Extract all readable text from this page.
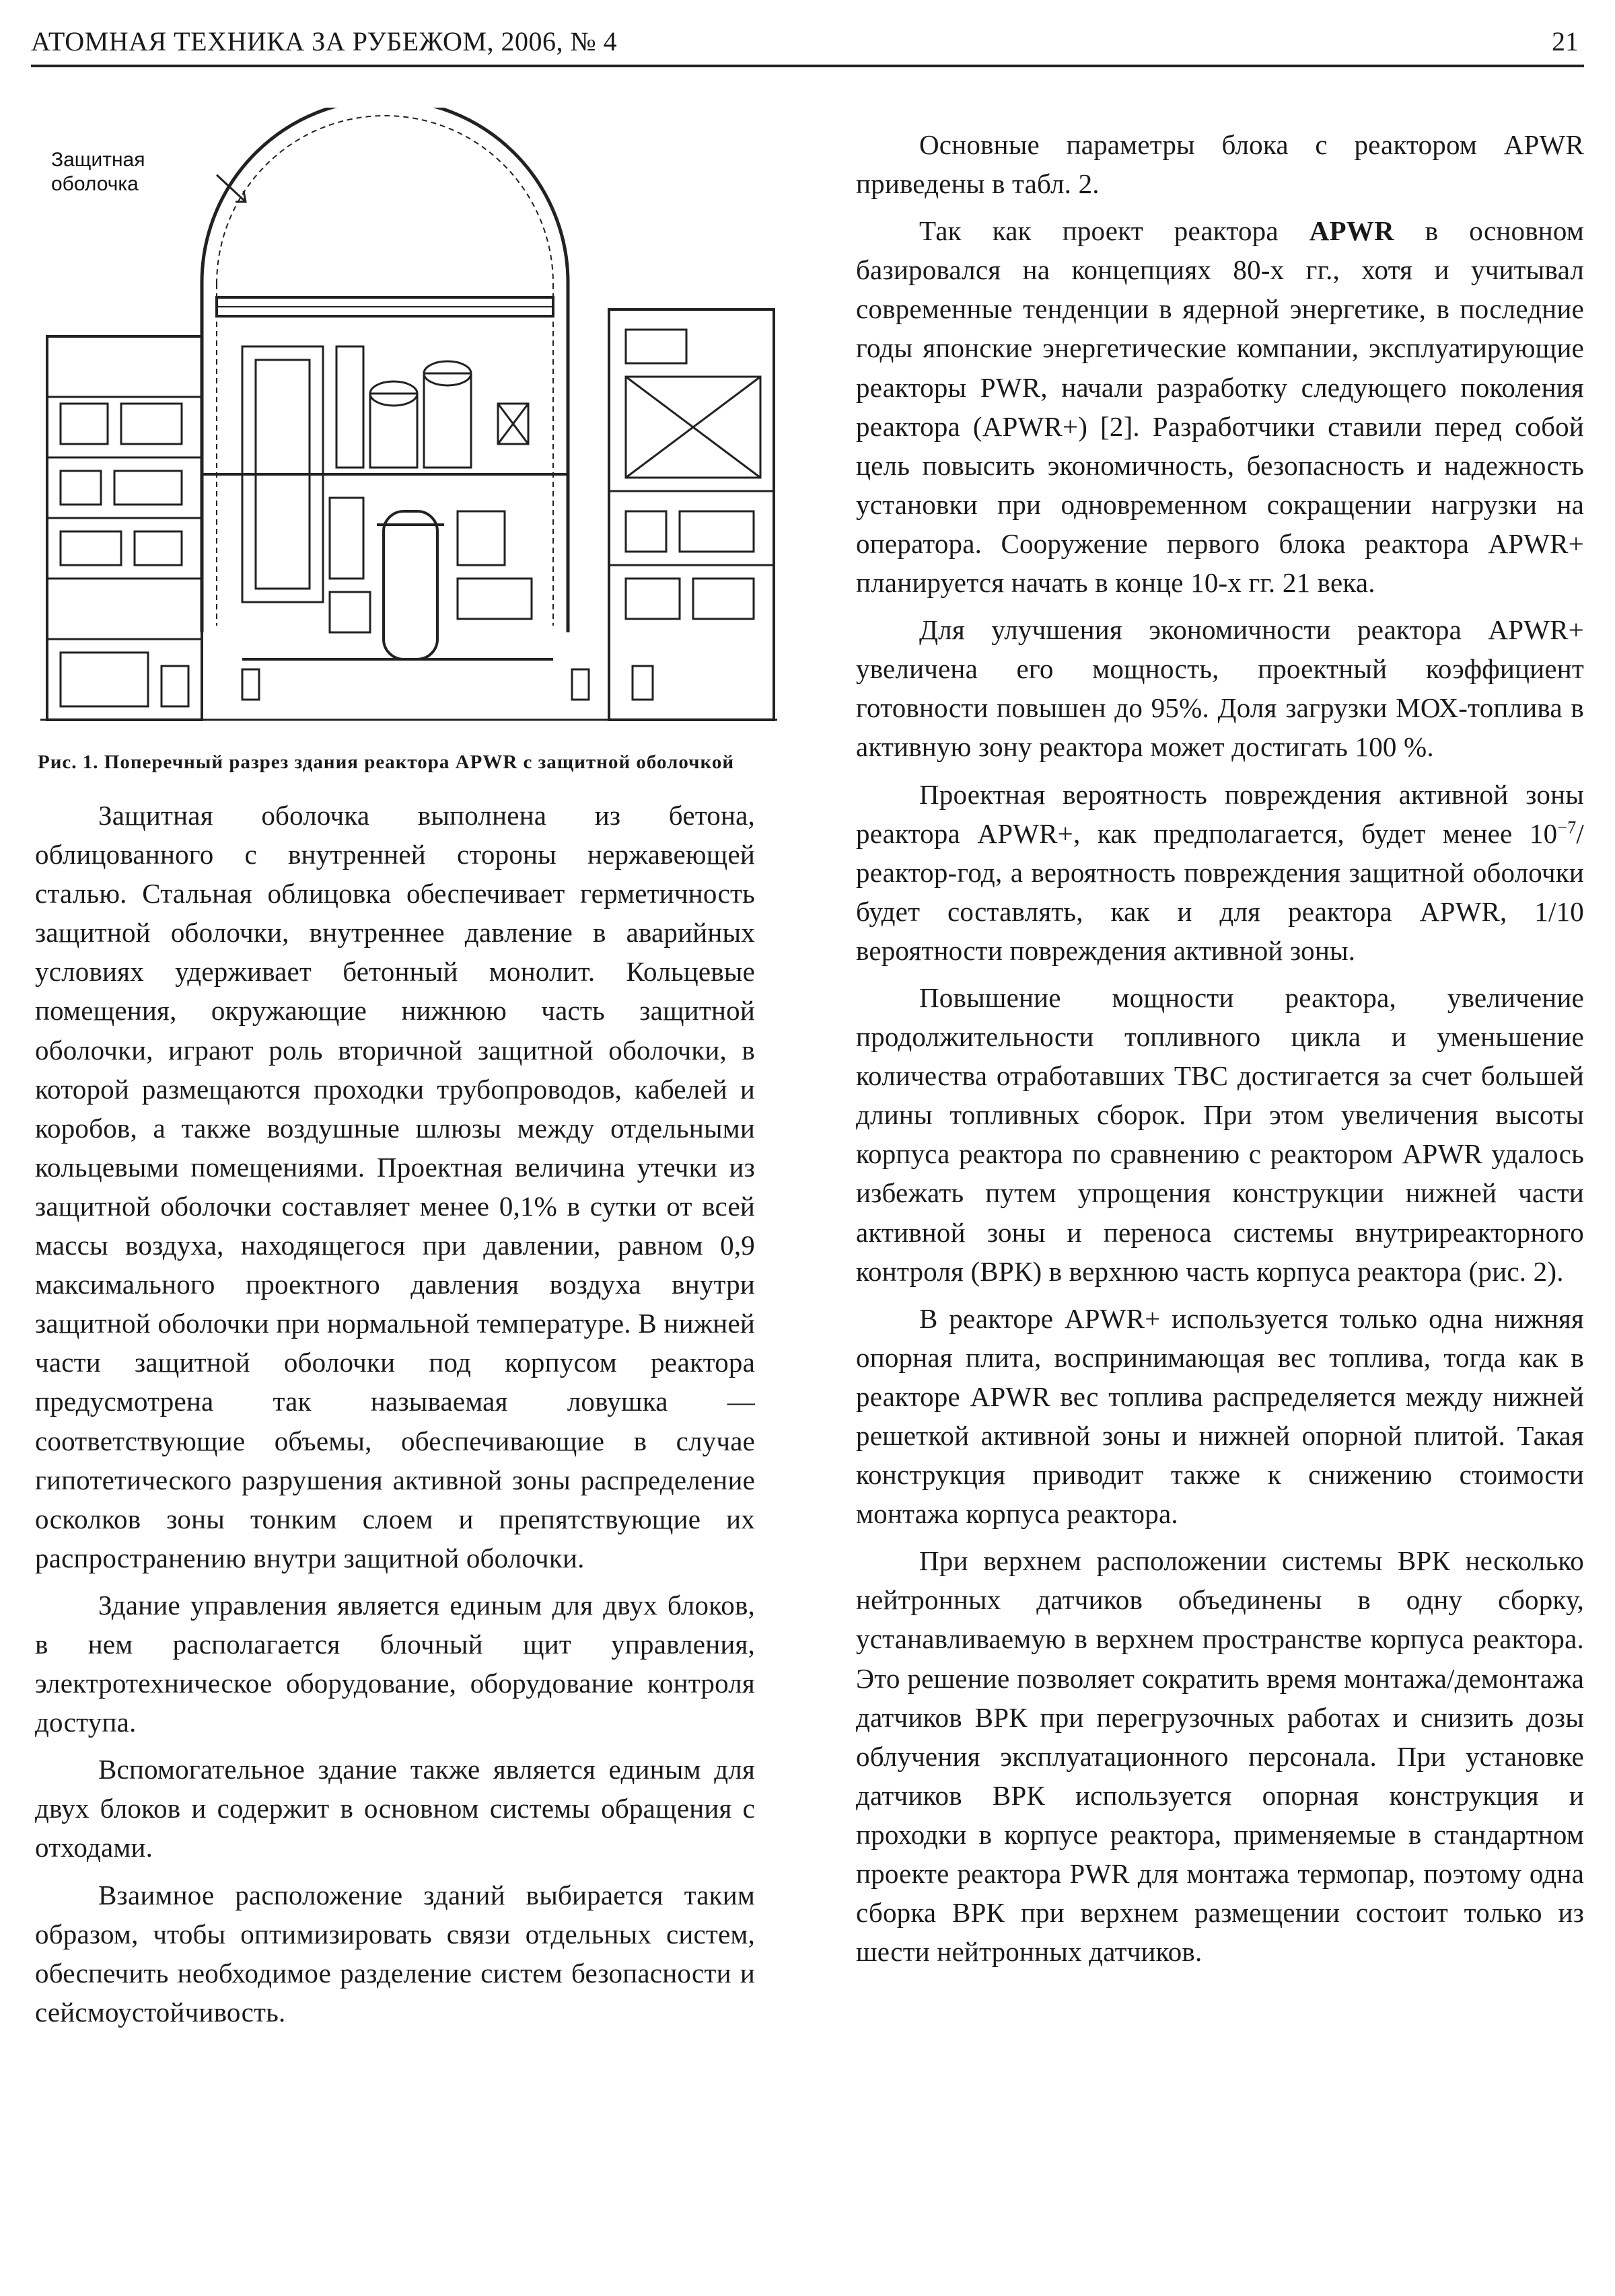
АТОМНАЯ ТЕХНИКА ЗА РУБЕЖОМ, 2006, № 4	21
Защитная оболочка
Рис. 1. Поперечный разрез здания реактора APWR с защитной оболочкой

Защитная оболочка выполнена из бетона, облицованного с внутренней стороны нержавеющей сталью. Стальная облицовка обеспечивает герметичность защитной оболочки, внутреннее давление в аварийных условиях удерживает бетонный монолит. Кольцевые помещения, окружающие нижнюю часть защитной оболочки, играют роль вторичной защитной оболочки, в которой размещаются проходки трубопроводов, кабелей и коробов, а также воздушные шлюзы между отдельными кольцевыми помещениями. Проектная величина утечки из защитной оболочки составляет менее 0,1% в сутки от всей массы воздуха, находящегося при давлении, равном 0,9 максимального проектного давления воздуха внутри защитной оболочки при нормальной температуре. В нижней части защитной оболочки под корпусом реактора предусмотрена так называемая ловушка — соответствующие объемы, обеспечивающие в случае гипотетического разрушения активной зоны распределение осколков зоны тонким слоем и препятствующие их распространению внутри защитной оболочки.

Здание управления является единым для двух блоков, в нем располагается блочный щит управления, электротехническое оборудование, оборудование контроля доступа.

Вспомогательное здание также является единым для двух блоков и содержит в основном системы обращения с отходами.

Взаимное расположение зданий выбирается таким образом, чтобы оптимизировать связи отдельных систем, обеспечить необходимое разделение систем безопасности и сейсмоустойчивость.

Основные параметры блока с реактором APWR приведены в табл. 2.

Так как проект реактора APWR в основном базировался на концепциях 80-х гг., хотя и учитывал современные тенденции в ядерной энергетике, в последние годы японские энергетические компании, эксплуатирующие реакторы PWR, начали разработку следующего поколения реактора (APWR+) [2]. Разработчики ставили перед собой цель повысить экономичность, безопасность и надежность установки при одновременном сокращении нагрузки на оператора. Сооружение первого блока реактора APWR+ планируется начать в конце 10-х гг. 21 века.

Для улучшения экономичности реактора APWR+ увеличена его мощность, проектный коэффициент готовности повышен до 95%. Доля загрузки МОХ-топлива в активную зону реактора может достигать 100 %.

Проектная вероятность повреждения активной зоны реактора APWR+, как предполагается, будет менее $10^{-7}/реактор$-год, а вероятность повреждения защитной оболочки будет составлять, как и для реактора APWR, 1/10 вероятности повреждения активной зоны.

Повышение мощности реактора, увеличение продолжительности топливного цикла и уменьшение количества отработавших ТВС достигается за счет большей длины топливных сборок. При этом увеличения высоты корпуса реактора по сравнению с реактором APWR удалось избежать путем упрощения конструкции нижней части активной зоны и переноса системы внутриреакторного контроля (ВРК) в верхнюю часть корпуса реактора (рис. 2).

В реакторе APWR+ используется только одна нижняя опорная плита, воспринимающая вес топлива, тогда как в реакторе APWR вес топлива распределяется между нижней решеткой активной зоны и нижней опорной плитой. Такая конструкция приводит также к снижению стоимости монтажа корпуса реактора.

При верхнем расположении системы ВРК несколько нейтронных датчиков объединены в одну сборку, устанавливаемую в верхнем пространстве корпуса реактора. Это решение позволяет сократить время монтажа/демонтажа датчиков ВРК при перегрузочных работах и снизить дозы облучения эксплуатационного персонала. При установке датчиков ВРК используется опорная конструкция и проходки в корпусе реактора, применяемые в стандартном проекте реактора PWR для монтажа термопар, поэтому одна сборка ВРК при верхнем размещении состоит только из шести нейтронных датчиков.
